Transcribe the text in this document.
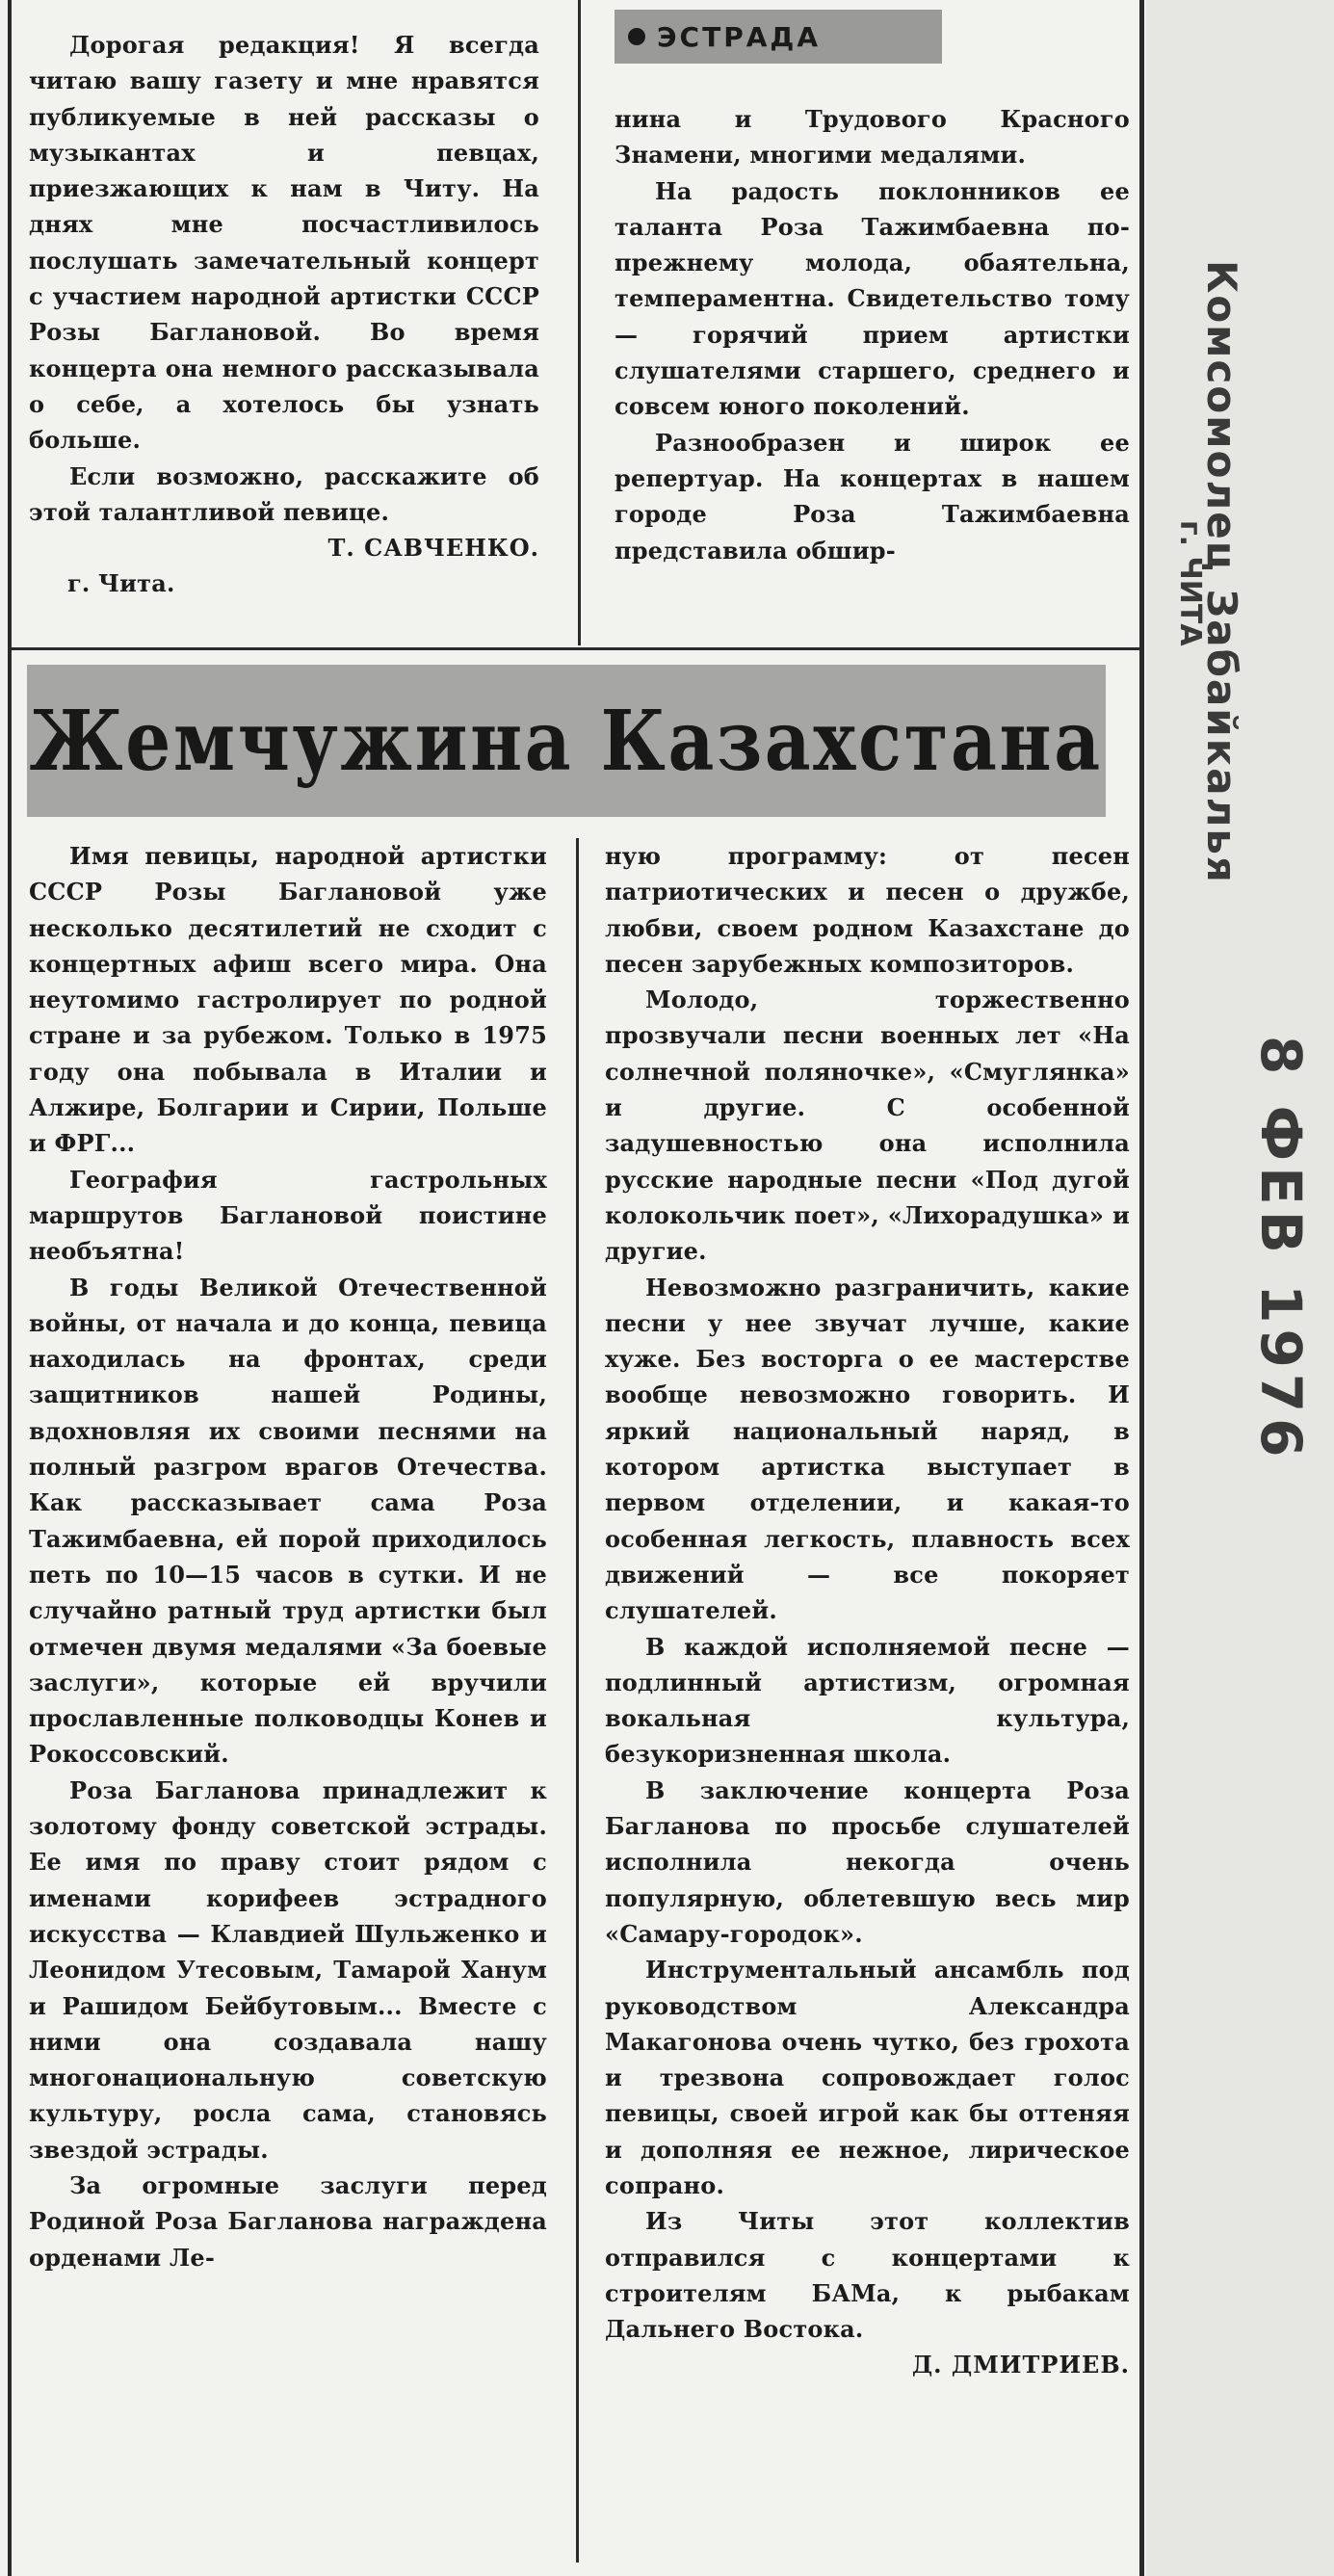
ЭСТРАДА

Дорогая редакция! Я всегда читаю вашу газету и мне нравятся публикуемые в ней рассказы о музыкантах и певцах, приезжающих к нам в Читу. На днях мне посчастливилось послушать замечательный концерт с участием народной артистки СССР Розы Баглановой. Во время концерта она немного рассказывала о себе, а хотелось бы узнать больше.

Если возможно, расскажите об этой талантливой певице.

Т. САВЧЕНКО.

г. Чита.

нина и Трудового Красного Знамени, многими медалями.

На радость поклонников ее таланта Роза Тажимбаевна по-прежнему молода, обаятельна, темпераментна. Свидетельство тому — горячий прием артистки слушателями старшего, среднего и совсем юного поколений.

Разнообразен и широк ее репертуар. На концертах в нашем городе Роза Тажимбаевна представила обшир-

Жемчужина Казахстана

Имя певицы, народной артистки СССР Розы Баглановой уже несколько десятилетий не сходит с концертных афиш всего мира. Она неутомимо гастролирует по родной стране и за рубежом. Только в 1975 году она побывала в Италии и Алжире, Болгарии и Сирии, Польше и ФРГ...

География гастрольных маршрутов Баглановой поистине необъятна!

В годы Великой Отечественной войны, от начала и до конца, певица находилась на фронтах, среди защитников нашей Родины, вдохновляя их своими песнями на полный разгром врагов Отечества. Как рассказывает сама Роза Тажимбаевна, ей порой приходилось петь по 10—15 часов в сутки. И не случайно ратный труд артистки был отмечен двумя медалями «За боевые заслуги», которые ей вручили прославленные полководцы Конев и Рокоссовский.

Роза Багланова принадлежит к золотому фонду советской эстрады. Ее имя по праву стоит рядом с именами корифеев эстрадного искусства — Клавдией Шульженко и Леонидом Утесовым, Тамарой Ханум и Рашидом Бейбутовым... Вместе с ними она создавала нашу многонациональную советскую культуру, росла сама, становясь звездой эстрады.

За огромные заслуги перед Родиной Роза Багланова награждена орденами Ле-

ную программу: от песен патриотических и песен о дружбе, любви, своем родном Казахстане до песен зарубежных композиторов.

Молодо, торжественно прозвучали песни военных лет «На солнечной поляночке», «Смуглянка» и другие. С особенной задушевностью она исполнила русские народные песни «Под дугой колокольчик поет», «Лихорадушка» и другие.

Невозможно разграничить, какие песни у нее звучат лучше, какие хуже. Без восторга о ее мастерстве вообще невозможно говорить. И яркий национальный наряд, в котором артистка выступает в первом отделении, и какая-то особенная легкость, плавность всех движений — все покоряет слушателей.

В каждой исполняемой песне — подлинный артистизм, огромная вокальная культура, безукоризненная школа.

В заключение концерта Роза Багланова по просьбе слушателей исполнила некогда очень популярную, облетевшую весь мир «Самару-городок».

Инструментальный ансамбль под руководством Александра Макагонова очень чутко, без грохота и трезвона сопровождает голос певицы, своей игрой как бы оттеняя и дополняя ее нежное, лирическое сопрано.

Из Читы этот коллектив отправился с концертами к строителям БАМа, к рыбакам Дальнего Востока.

Д. ДМИТРИЕВ.

Комсомолец Забайкалья
г. ЧИТА
8 ФЕВ 1976
